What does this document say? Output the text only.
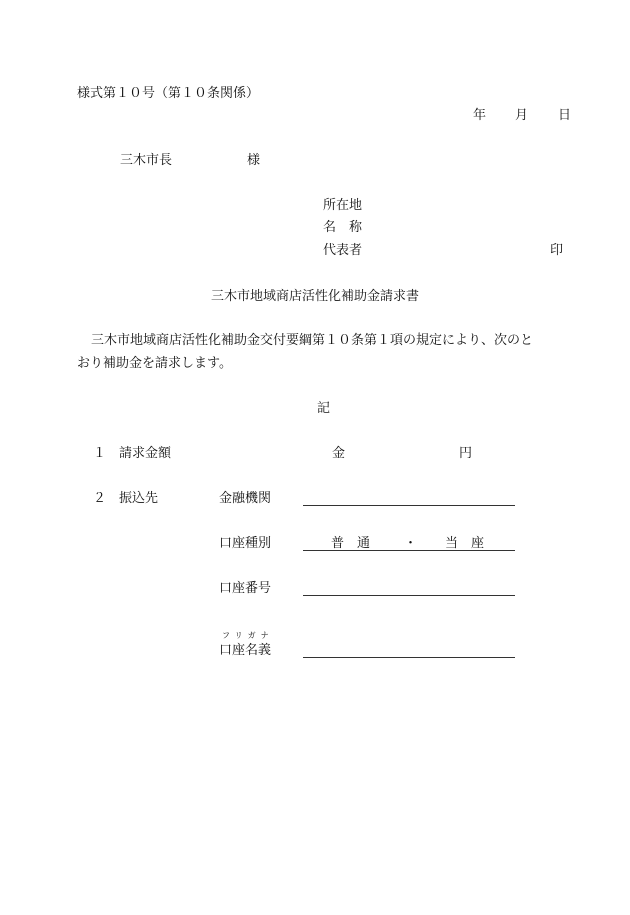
様式第１０号（第１０条関係）
年 月 日
三木市長	様
所在地
名　称
代表者	印
三木市地域商店活性化補助金請求書
三木市地域商店活性化補助金交付要綱第１０条第１項の規定により、次のと
おり補助金を請求します。
記
１ 請求金額	金	円
２ 振込先	金融機関
口座種別	普　通	・ 当　座
口座番号
フリガナ
口座名義
